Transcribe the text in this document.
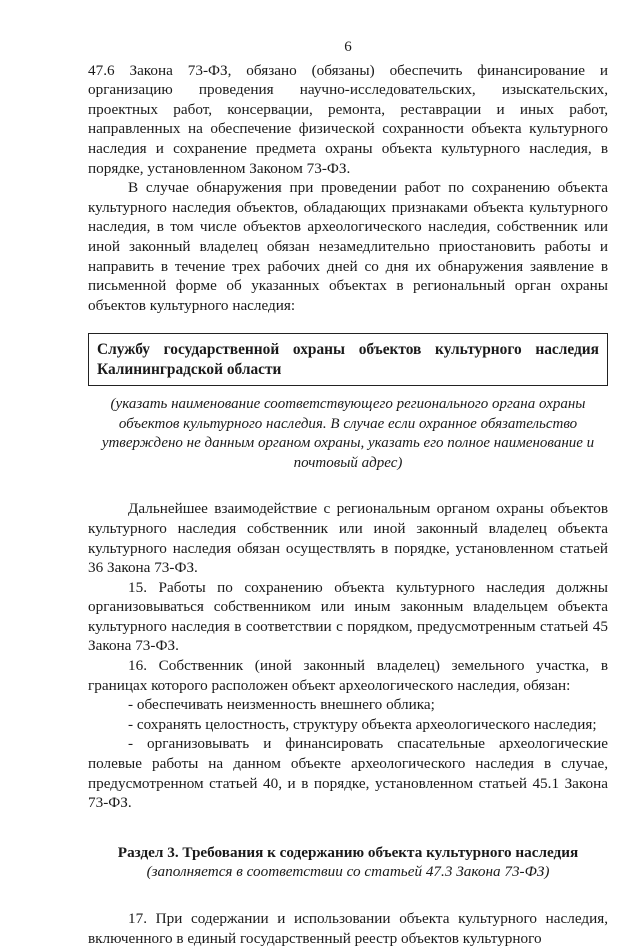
6

47.6 Закона 73-ФЗ, обязано (обязаны) обеспечить финансирование и организацию проведения научно-исследовательских, изыскательских, проектных работ, консервации, ремонта, реставрации и иных работ, направленных на обеспечение физической сохранности объекта культурного наследия и сохранение предмета охраны объекта культурного наследия, в порядке, установленном Законом 73-ФЗ.

В случае обнаружения при проведении работ по сохранению объекта культурного наследия объектов, обладающих признаками объекта культурного наследия, в том числе объектов археологического наследия, собственник или иной законный владелец обязан незамедлительно приостановить работы и направить в течение трех рабочих дней со дня их обнаружения заявление в письменной форме об указанных объектах в региональный орган охраны объектов культурного наследия:

Службу государственной охраны объектов культурного наследия Калининградской области

(указать наименование соответствующего регионального органа охраны объектов культурного наследия. В случае если охранное обязательство утверждено не данным органом охраны, указать его полное наименование и почтовый адрес)

Дальнейшее взаимодействие с региональным органом охраны объектов культурного наследия собственник или иной законный владелец объекта культурного наследия обязан осуществлять в порядке, установленном статьей 36 Закона 73-ФЗ.

15. Работы по сохранению объекта культурного наследия должны организовываться собственником или иным законным владельцем объекта культурного наследия в соответствии с порядком, предусмотренным статьей 45 Закона 73-ФЗ.

16. Собственник (иной законный владелец) земельного участка, в границах которого расположен объект археологического наследия, обязан:

- обеспечивать неизменность внешнего облика;

- сохранять целостность, структуру объекта археологического наследия;

- организовывать и финансировать спасательные археологические полевые работы на данном объекте археологического наследия в случае, предусмотренном статьей 40, и в порядке, установленном статьей 45.1 Закона 73-ФЗ.

Раздел 3. Требования к содержанию объекта культурного наследия
(заполняется в соответствии со статьей 47.3 Закона 73-ФЗ)

17. При содержании и использовании объекта культурного наследия, включенного в единый государственный реестр объектов культурного
